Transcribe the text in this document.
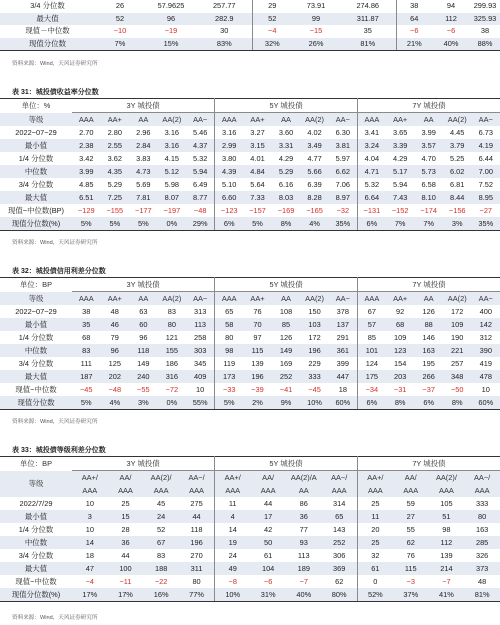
3/4 分位数	26	57.9625	257.77	29	73.91	274.86	38	94	299.93
最大值	52	96	282.9	52	99	311.87	64	112	325.93
现值－中位数	−10	−19	30	−4	−15	35	−6	−6	38
现值分位数	7%	15%	83%	32%	26%	81%	21%	40%	88%
资料来源：Wind，天风证券研究所
表 31：城投债收益率分位数
单位：%	3Y 城投债					5Y 城投债					7Y 城投债				
等级	AAA	AA+	AA	AA(2)	AA−	AAA	AA+	AA	AA(2)	AA−	AAA	AA+	AA	AA(2)	AA−
2022−07−29	2.70	2.80	2.96	3.16	5.46	3.16	3.27	3.60	4.02	6.30	3.41	3.65	3.99	4.45	6.73
最小值	2.38	2.55	2.84	3.16	4.37	2.99	3.15	3.31	3.49	3.81	3.24	3.39	3.57	3.79	4.19
1/4 分位数	3.42	3.62	3.83	4.15	5.32	3.80	4.01	4.29	4.77	5.97	4.04	4.29	4.70	5.25	6.44
中位数	3.99	4.35	4.73	5.12	5.94	4.39	4.84	5.29	5.66	6.62	4.71	5.17	5.73	6.02	7.00
3/4 分位数	4.85	5.29	5.69	5.98	6.49	5.10	5.64	6.16	6.39	7.06	5.32	5.94	6.58	6.81	7.52
最大值	6.51	7.25	7.81	8.07	8.77	6.60	7.33	8.03	8.28	8.97	6.64	7.43	8.10	8.44	8.95
现值−中位数(BP)	−129	−155	−177	−197	−48	−123	−157	−169	−165	−32	−131	−152	−174	−156	−27
现值分位数(%)	5%	5%	5%	0%	29%	6%	5%	8%	4%	35%	6%	7%	7%	3%	35%
资料来源：Wind，天风证券研究所
表 32：城投债信用利差分位数
单位：BP	3Y 城投债					5Y 城投债					7Y 城投债				
等级	AAA	AA+	AA	AA(2)	AA−	AAA	AA+	AA	AA(2)	AA−	AAA	AA+	AA	AA(2)	AA−
2022−07−29	38	48	63	83	313	65	76	108	150	378	67	92	126	172	400
最小值	35	46	60	80	113	58	70	85	103	137	57	68	88	109	142
1/4 分位数	68	79	96	121	258	80	97	126	172	291	85	109	146	190	312
中位数	83	96	118	155	303	98	115	149	196	361	101	123	163	221	390
3/4 分位数	111	125	149	186	345	119	139	169	229	399	124	154	195	257	419
最大值	187	202	240	316	409	173	196	252	333	447	175	203	266	348	478
现值−中位数	−45	−48	−55	−72	10	−33	−39	−41	−45	18	−34	−31	−37	−50	10
现值分位数	5%	4%	3%	0%	55%	5%	2%	9%	10%	60%	6%	8%	6%	8%	60%
资料来源：Wind，天风证券研究所
表 33：城投债等级利差分位数
单位：BP	3Y 城投债				5Y 城投债				7Y 城投债			
等级	AA+/	AA/	AA(2)/	AA−/	AA+/	AA/	AA(2)/A	AA−/	AA+/	AA/	AA(2)/	AA−/
	AAA	AAA	AAA	AAA	AAA	AAA	AA	AAA	AAA	AAA	AAA	AAA
2022/7/29	10	25	45	275	11	44	86	314	25	59	105	333
最小值	3	15	24	44	4	17	36	65	11	27	51	80
1/4 分位数	10	28	52	118	14	42	77	143	20	55	98	163
中位数	14	36	67	196	19	50	93	252	25	62	112	285
3/4 分位数	18	44	83	270	24	61	113	306	32	76	139	326
最大值	47	100	188	311	49	104	189	369	61	115	214	373
现值−中位数	−4	−11	−22	80	−8	−6	−7	62	0	−3	−7	48
现值分位数(%)	17%	17%	16%	77%	10%	31%	40%	80%	52%	37%	41%	81%
资料来源：Wind，天风证券研究所
